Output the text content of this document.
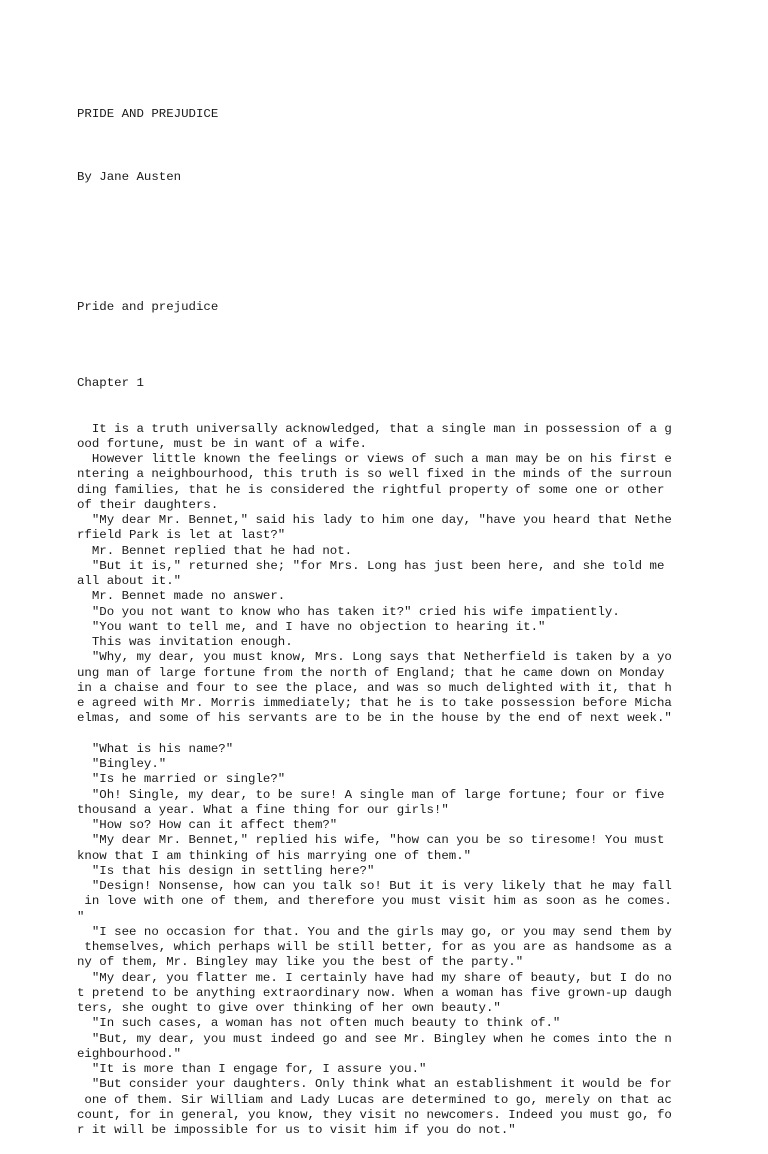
PRIDE AND PREJUDICE

By Jane Austen

Pride and prejudice

Chapter 1

It is a truth universally acknowledged, that a single man in possession of a g
ood fortune, must be in want of a wife.
However little known the feelings or views of such a man may be on his first e
ntering a neighbourhood, this truth is so well fixed in the minds of the surroun
ding families, that he is considered the rightful property of some one or other
of their daughters.
"My dear Mr. Bennet," said his lady to him one day, "have you heard that Nethe
rfield Park is let at last?"
Mr. Bennet replied that he had not.
"But it is," returned she; "for Mrs. Long has just been here, and she told me
all about it."
Mr. Bennet made no answer.
"Do you not want to know who has taken it?" cried his wife impatiently.
"You want to tell me, and I have no objection to hearing it."
This was invitation enough.
"Why, my dear, you must know, Mrs. Long says that Netherfield is taken by a yo
ung man of large fortune from the north of England; that he came down on Monday
in a chaise and four to see the place, and was so much delighted with it, that h
e agreed with Mr. Morris immediately; that he is to take possession before Micha
elmas, and some of his servants are to be in the house by the end of next week."
"What is his name?"
"Bingley."
"Is he married or single?"
"Oh! Single, my dear, to be sure! A single man of large fortune; four or five
thousand a year. What a fine thing for our girls!"
"How so? How can it affect them?"
"My dear Mr. Bennet," replied his wife, "how can you be so tiresome! You must
know that I am thinking of his marrying one of them."
"Is that his design in settling here?"
"Design! Nonsense, how can you talk so! But it is very likely that he may fall
in love with one of them, and therefore you must visit him as soon as he comes.
"
"I see no occasion for that. You and the girls may go, or you may send them by
themselves, which perhaps will be still better, for as you are as handsome as a
ny of them, Mr. Bingley may like you the best of the party."
"My dear, you flatter me. I certainly have had my share of beauty, but I do no
t pretend to be anything extraordinary now. When a woman has five grown-up daugh
ters, she ought to give over thinking of her own beauty."
"In such cases, a woman has not often much beauty to think of."
"But, my dear, you must indeed go and see Mr. Bingley when he comes into the n
eighbourhood."
"It is more than I engage for, I assure you."
"But consider your daughters. Only think what an establishment it would be for
one of them. Sir William and Lady Lucas are determined to go, merely on that ac
count, for in general, you know, they visit no newcomers. Indeed you must go, fo
r it will be impossible for us to visit him if you do not."
